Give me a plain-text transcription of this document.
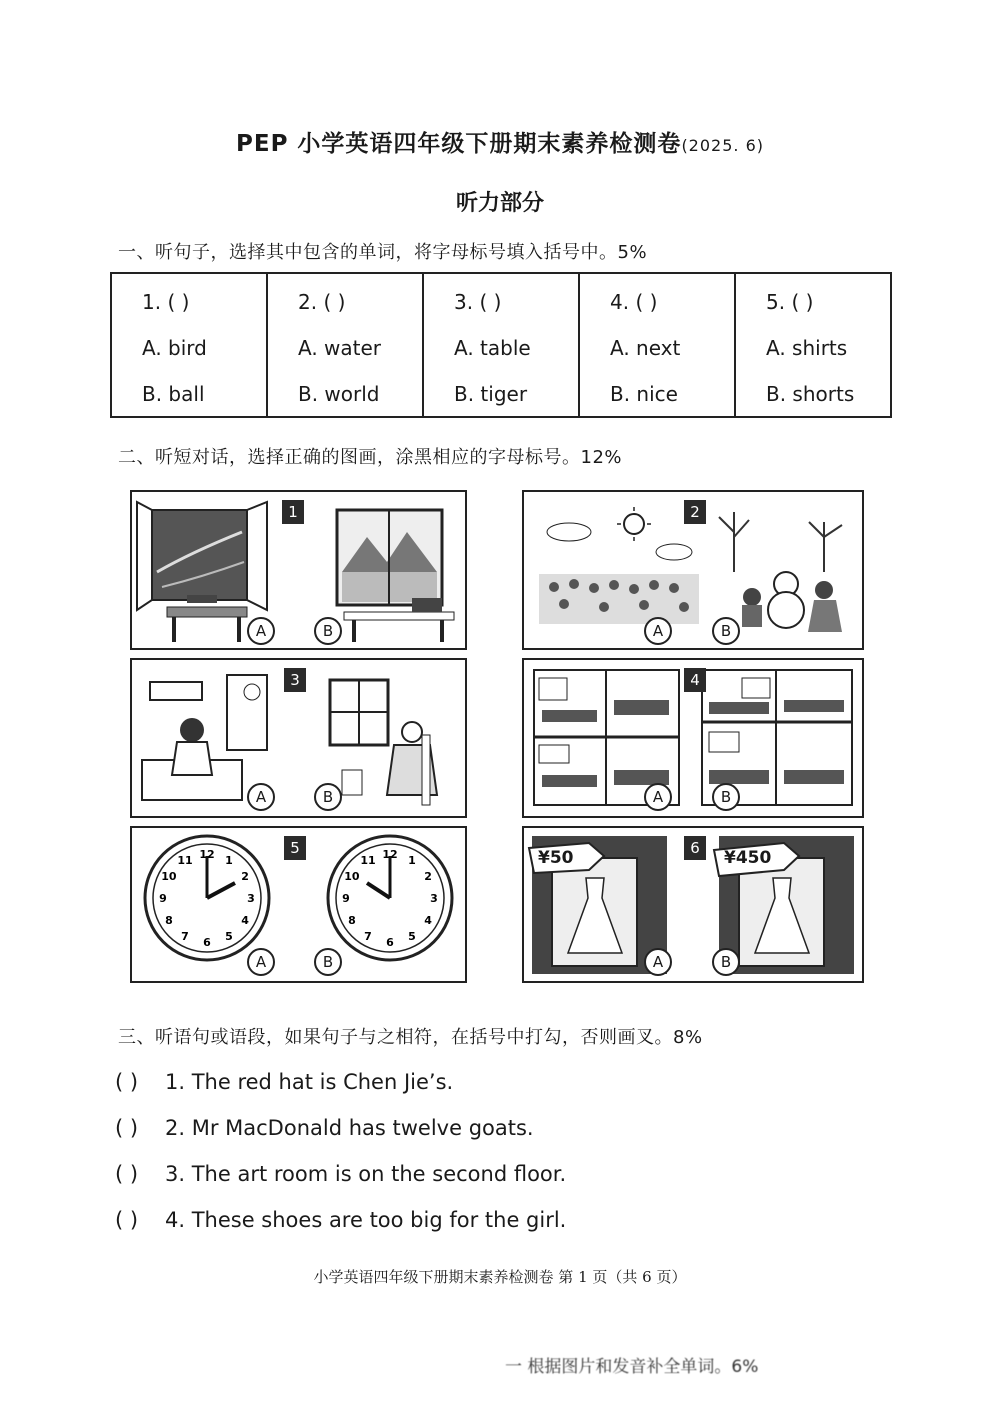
PEP 小学英语四年级下册期末素养检测卷(2025. 6)
听力部分
一、听句子，选择其中包含的单词，将字母标号填入括号中。5%
1. ( )
A. bird
B. ball

2. ( )
A. water
B. world

3. ( )
A. table
B. tiger

4. ( )
A. next
B. nice

5. ( )
A. shirts
B. shorts
二、听短对话，选择正确的图画，涂黑相应的字母标号。12%
1
A	B
2
A	B
3
A	B
4
A	B
12 1
2
3
4
5
6
7
8
9
10
11	12 1
2
3
4
5
6
7
8
9
10
11
5
A	B
¥50	¥450
6
A	B
三、听语句或语段，如果句子与之相符，在括号中打勾，否则画叉。8%
( ) 1. The red hat is Chen Jie’s.
( ) 2. Mr MacDonald has twelve goats.
( ) 3. The art room is on the second floor.
( ) 4. These shoes are too big for the girl.
小学英语四年级下册期末素养检测卷 第 1 页（共 6 页）
一 根据图片和发音补全单词。6%
